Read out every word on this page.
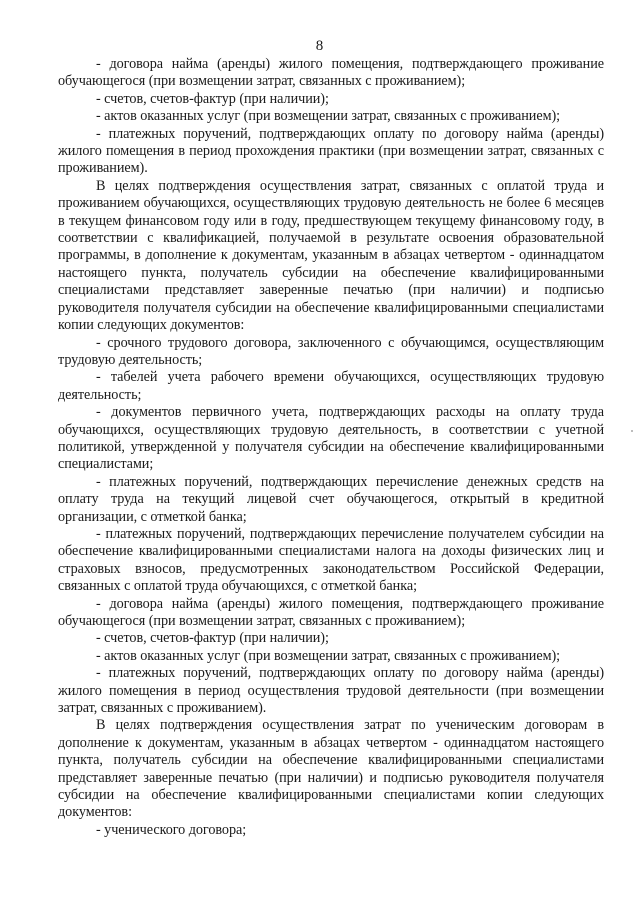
8

- договора найма (аренды) жилого помещения, подтверждающего проживание обучающегося (при возмещении затрат, связанных с проживанием);

- счетов, счетов-фактур (при наличии);

- актов оказанных услуг (при возмещении затрат, связанных с проживанием);

- платежных поручений, подтверждающих оплату по договору найма (аренды) жилого помещения в период прохождения практики (при возмещении затрат, связанных с проживанием).

В целях подтверждения осуществления затрат, связанных с оплатой труда и проживанием обучающихся, осуществляющих трудовую деятельность не более 6 месяцев в текущем финансовом году или в году, предшествующем текущему финансовому году, в соответствии с квалификацией, получаемой в результате освоения образовательной программы, в дополнение к документам, указанным в абзацах четвертом - одиннадцатом настоящего пункта, получатель субсидии на обеспечение квалифицированными специалистами представляет заверенные печатью (при наличии) и подписью руководителя получателя субсидии на обеспечение квалифицированными специалистами копии следующих документов:

- срочного трудового договора, заключенного с обучающимся, осуществляющим трудовую деятельность;

- табелей учета рабочего времени обучающихся, осуществляющих трудовую деятельность;

- документов первичного учета, подтверждающих расходы на оплату труда обучающихся, осуществляющих трудовую деятельность, в соответствии с учетной политикой, утвержденной у получателя субсидии на обеспечение квалифицированными специалистами;

- платежных поручений, подтверждающих перечисление денежных средств на оплату труда на текущий лицевой счет обучающегося, открытый в кредитной организации, с отметкой банка;

- платежных поручений, подтверждающих перечисление получателем субсидии на обеспечение квалифицированными специалистами налога на доходы физических лиц и страховых взносов, предусмотренных законодательством Российской Федерации, связанных с оплатой труда обучающихся, с отметкой банка;

- договора найма (аренды) жилого помещения, подтверждающего проживание обучающегося (при возмещении затрат, связанных с проживанием);

- счетов, счетов-фактур (при наличии);

- актов оказанных услуг (при возмещении затрат, связанных с проживанием);

- платежных поручений, подтверждающих оплату по договору найма (аренды) жилого помещения в период осуществления трудовой деятельности (при возмещении затрат, связанных с проживанием).

В целях подтверждения осуществления затрат по ученическим договорам в дополнение к документам, указанным в абзацах четвертом - одиннадцатом настоящего пункта, получатель субсидии на обеспечение квалифицированными специалистами представляет заверенные печатью (при наличии) и подписью руководителя получателя субсидии на обеспечение квалифицированными специалистами копии следующих документов:

- ученического договора;
